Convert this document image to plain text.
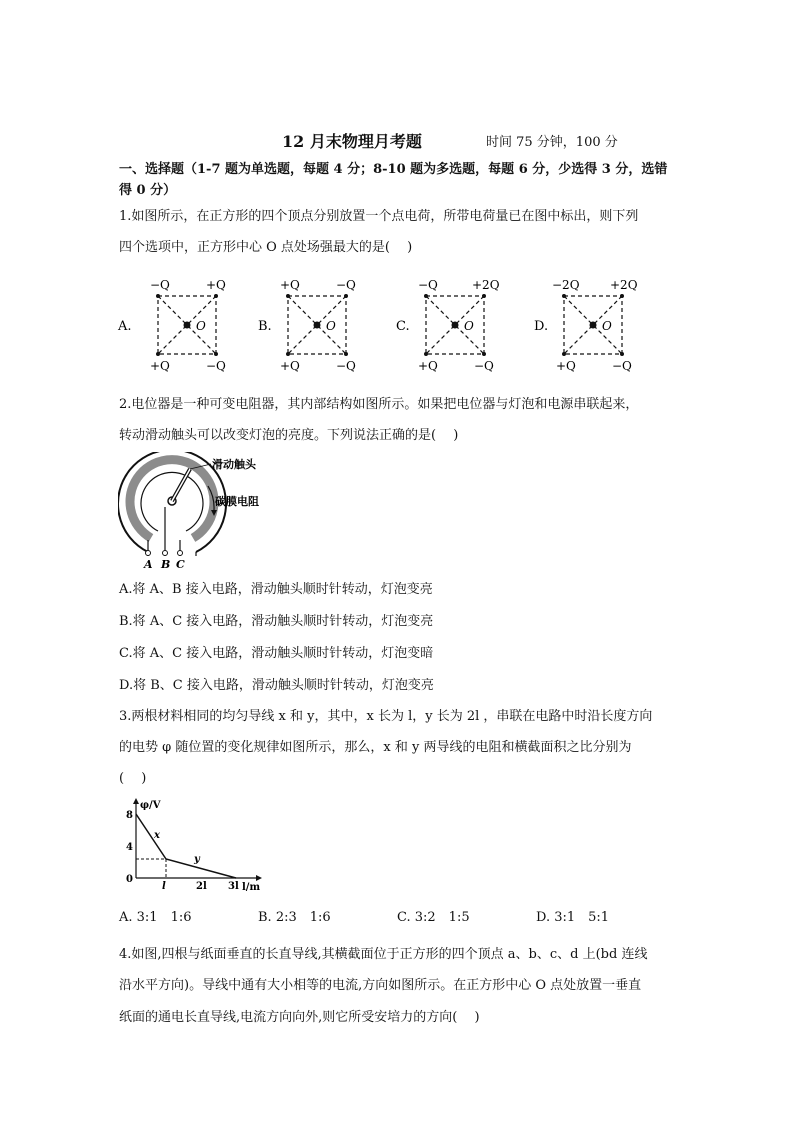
12 月末物理月考题	时间 75 分钟，100 分
一、选择题（1-7 题为单选题，每题 4 分；8-10 题为多选题，每题 6 分，少选得 3 分，选错
得 0 分）
1.如图所示，在正方形的四个顶点分别放置一个点电荷，所带电荷量已在图中标出，则下列
四个选项中，正方形中心 O 点处场强最大的是(　 )
A.	O
−Q	+Q
+Q	−Q
B.	O
+Q	−Q
+Q	−Q
C.	O
−Q	+2Q
+Q	−Q
D.	O
−2Q	+2Q
+Q	−Q
2.电位器是一种可变电阻器，其内部结构如图所示。如果把电位器与灯泡和电源串联起来，
转动滑动触头可以改变灯泡的亮度。下列说法正确的是(　 )
滑动触头
碳膜电阻
A B C
A.将 A、B 接入电路，滑动触头顺时针转动，灯泡变亮
B.将 A、C 接入电路，滑动触头顺时针转动，灯泡变亮
C.将 A、C 接入电路，滑动触头顺时针转动，灯泡变暗
D.将 B、C 接入电路，滑动触头顺时针转动，灯泡变亮
3.两根材料相同的均匀导线 x 和 y，其中，x 长为 l，y 长为 2l ，串联在电路中时沿长度方向
的电势 φ 随位置的变化规律如图所示，那么，x 和 y 两导线的电阻和横截面积之比分别为
(　 )
φ/V
l/m
8
4
0
l	2l 3l
x
y
A. 3:1　1:6	B. 2:3　1:6	C. 3:2　1:5	D. 3:1　5:1
4.如图,四根与纸面垂直的长直导线,其横截面位于正方形的四个顶点 a、b、c、d 上(bd 连线
沿水平方向)。导线中通有大小相等的电流,方向如图所示。在正方形中心 O 点处放置一垂直
纸面的通电长直导线,电流方向向外,则它所受安培力的方向(　 )
